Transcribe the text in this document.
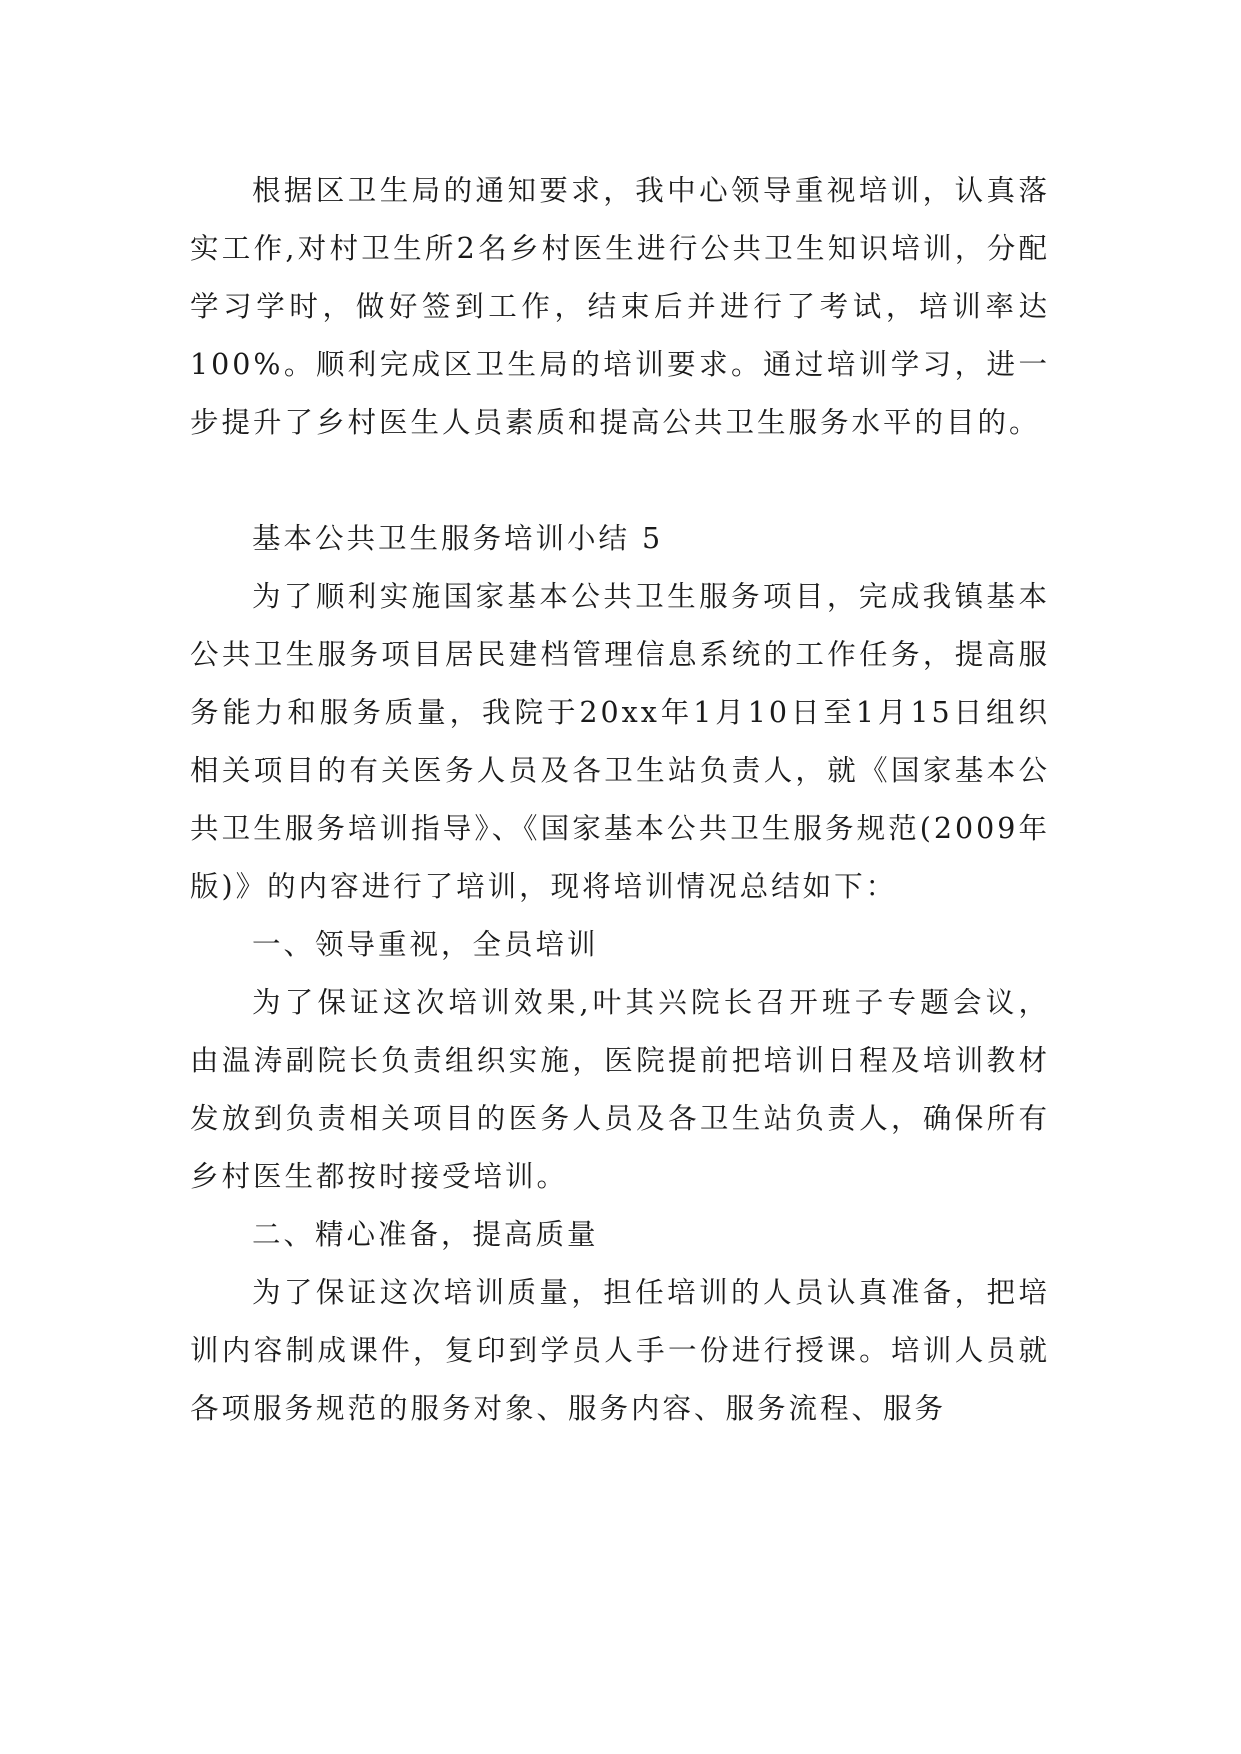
根据区卫生局的通知要求，我中心领导重视培训，认真落实工作,对村卫生所2名乡村医生进行公共卫生知识培训，分配学习学时，做好签到工作，结束后并进行了考试，培训率达100%。顺利完成区卫生局的培训要求。通过培训学习，进一步提升了乡村医生人员素质和提高公共卫生服务水平的目的。

基本公共卫生服务培训小结 5

为了顺利实施国家基本公共卫生服务项目，完成我镇基本公共卫生服务项目居民建档管理信息系统的工作任务，提高服务能力和服务质量，我院于20xx年1月10日至1月15日组织相关项目的有关医务人员及各卫生站负责人，就《国家基本公共卫生服务培训指导》、《国家基本公共卫生服务规范(2009年版)》的内容进行了培训，现将培训情况总结如下：

一、领导重视，全员培训

为了保证这次培训效果,叶其兴院长召开班子专题会议，由温涛副院长负责组织实施，医院提前把培训日程及培训教材发放到负责相关项目的医务人员及各卫生站负责人，确保所有乡村医生都按时接受培训。

二、精心准备，提高质量

为了保证这次培训质量，担任培训的人员认真准备，把培训内容制成课件，复印到学员人手一份进行授课。培训人员就各项服务规范的服务对象、服务内容、服务流程、服务
